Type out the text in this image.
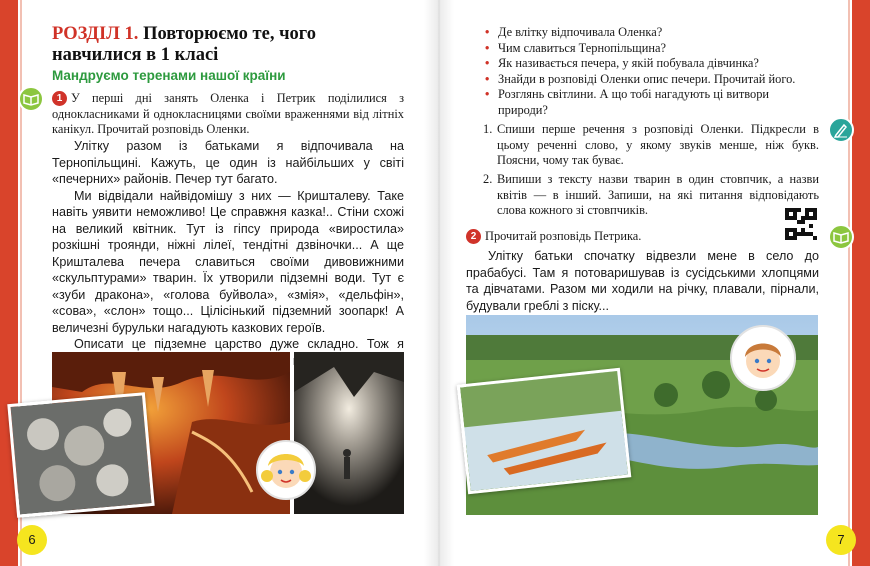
РОЗДІЛ 1. Повторюємо те, чого навчилися в 1 класі

Мандруємо теренами нашої країни

1 У перші дні занять Оленка і Петрик поділилися з однокласниками й однокласницями своїми враженнями від літніх канікул. Прочитай розповідь Оленки.

Улітку разом із батьками я відпочивала на Тернопільщині. Кажуть, це один із найбільших у світі «печерних» районів. Печер тут багато.

Ми відвідали найвідомішу з них — Кришталеву. Таке навіть уявити неможливо! Це справжня казка!.. Стіни схожі на великий квітник. Тут із гіпсу природа «виростила» розкішні троянди, ніжні лілеї, тендітні дзвіночки... А ще Кришталева печера славиться своїми дивовижними «скульптурами» тварин. Їх утворили підземні води. Тут є «зуби дракона», «голова буйвола», «змія», «дельфін», «сова», «слон» тощо... Цілісінький підземний зоопарк! А величезні бурульки нагадують казкових героїв.

Описати це підземне царство дуже складно. Тож я

6
• Де влітку відпочивала Оленка?
• Чим славиться Тернопільщина?
• Як називається печера, у якій побувала дівчинка?
• Знайди в розповіді Оленки опис печери. Прочитай його.
• Розглянь світлини. А що тобі нагадують ці витвори природи?

1. Спиши перше речення з розповіді Оленки. Підкресли в цьому реченні слово, у якому звуків менше, ніж букв. Поясни, чому так буває.

2. Випиши з тексту назви тварин в один стовпчик, а назви квітів — в інший. Запиши, на які питання відповідають слова кожного зі стовпчиків.

2 Прочитай розповідь Петрика.

Улітку батьки спочатку відвезли мене в село до прабабусі. Там я потоваришував із сусідськими хлопцями та дівчатами. Разом ми ходили на річку, плавали, пірнали, будували греблі з піску...

7
